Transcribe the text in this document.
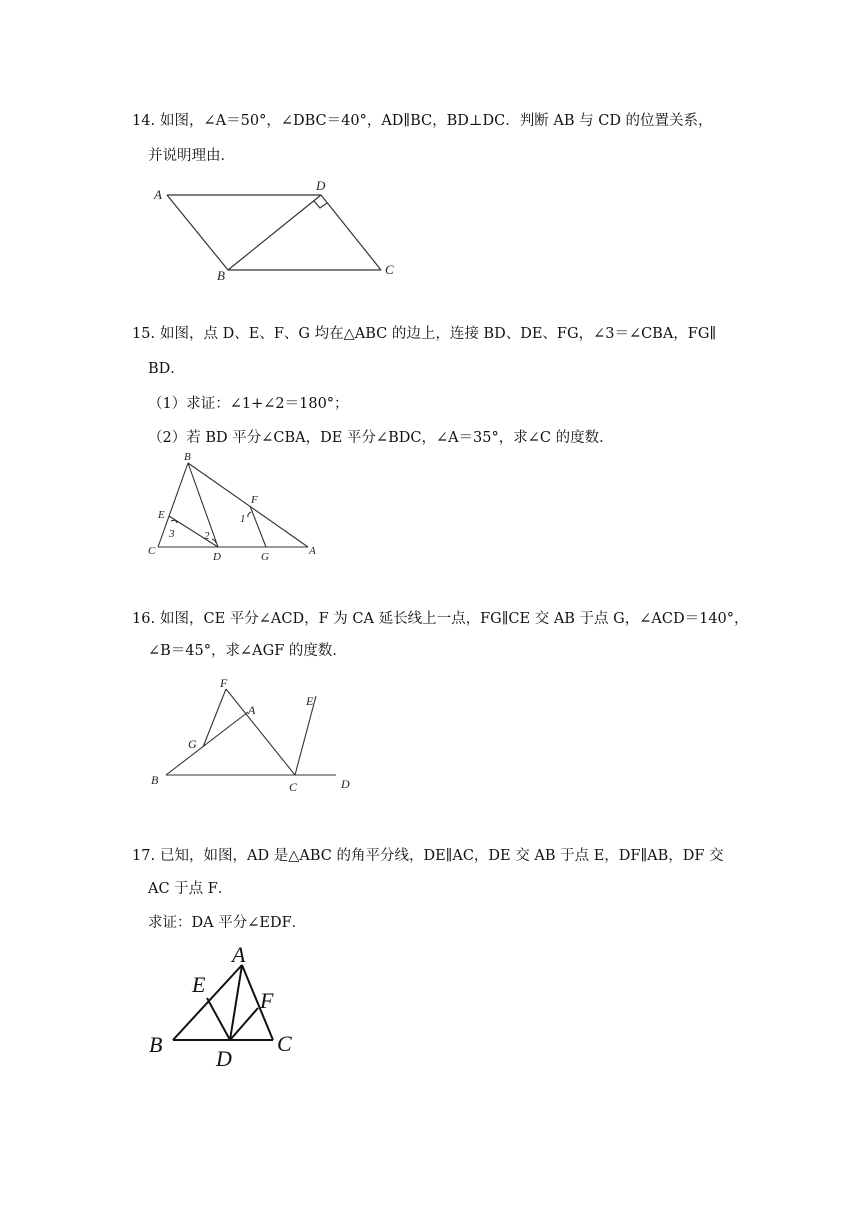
14. 如图，∠A＝50°，∠DBC＝40°，AD∥BC，BD⊥DC．判断 AB 与 CD 的位置关系，
并说明理由．
A
B	C
D
15. 如图，点 D、E、F、G 均在△ABC 的边上，连接 BD、DE、FG，∠3＝∠CBA，FG∥
BD．
（1）求证：∠1+∠2＝180°；
（2）若 BD 平分∠CBA，DE 平分∠BDC，∠A＝35°，求∠C 的度数．
B
E
C	D	G	A
F
1
2
3
16. 如图，CE 平分∠ACD，F 为 CA 延长线上一点，FG∥CE 交 AB 于点 G，∠ACD＝140°，
∠B＝45°，求∠AGF 的度数．
F
A
G
B	C	D
E
17. 已知，如图，AD 是△ABC 的角平分线，DE∥AC，DE 交 AB 于点 E，DF∥AB，DF 交
AC 于点 F．
求证：DA 平分∠EDF．
A
E
F
B	C
D
